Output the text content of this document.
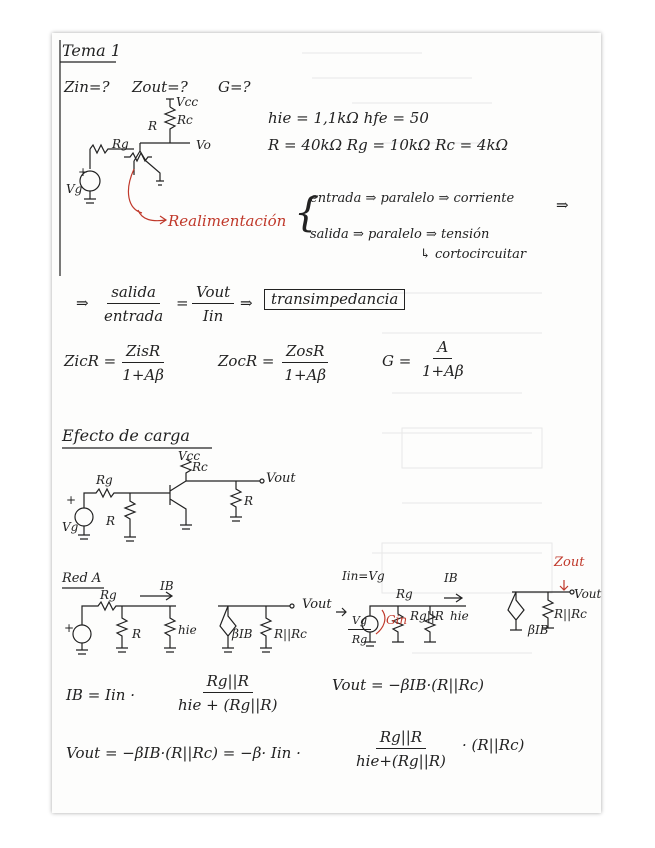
Tema 1
Zin=? Zout=? G=?
Vcc
Rc
R
Rg	Vo
Vg
+
hie = 1,1kΩ hfe = 50
R = 40kΩ Rg = 10kΩ Rc = 4kΩ
Realimentación {
entrada ⇒ paralelo ⇒ corriente
salida ⇒ paralelo ⇒ tensión
↳ cortocircuitar
⇒
⇒
salida
entrada
=
Vout
Iin
⇒	transimpedancia
ZicR =
ZisR
1+Aβ
ZocR =
ZosR
1+Aβ
$G = \frac{A}{1+A\beta}$
Efecto de carga
Vcc
Rc
Rg
R
R
Vout
Vg
+
Red A
Rg
IB
R	hie	βIB R||Rc
Vout
+
Iin=Vg
Rg
IB
$\frac{Vg}{Rg}$ Gin Rg||R hie
Zout
βIB
R||Rc
Vout
IB = Iin ·
Rg||R
hie + (Rg||R)
Vout = −βIB·(R||Rc)
Vout = −βIB·(R||Rc) = −β· Iin ·
Rg||R
hie+(Rg||R)
· (R||Rc)
